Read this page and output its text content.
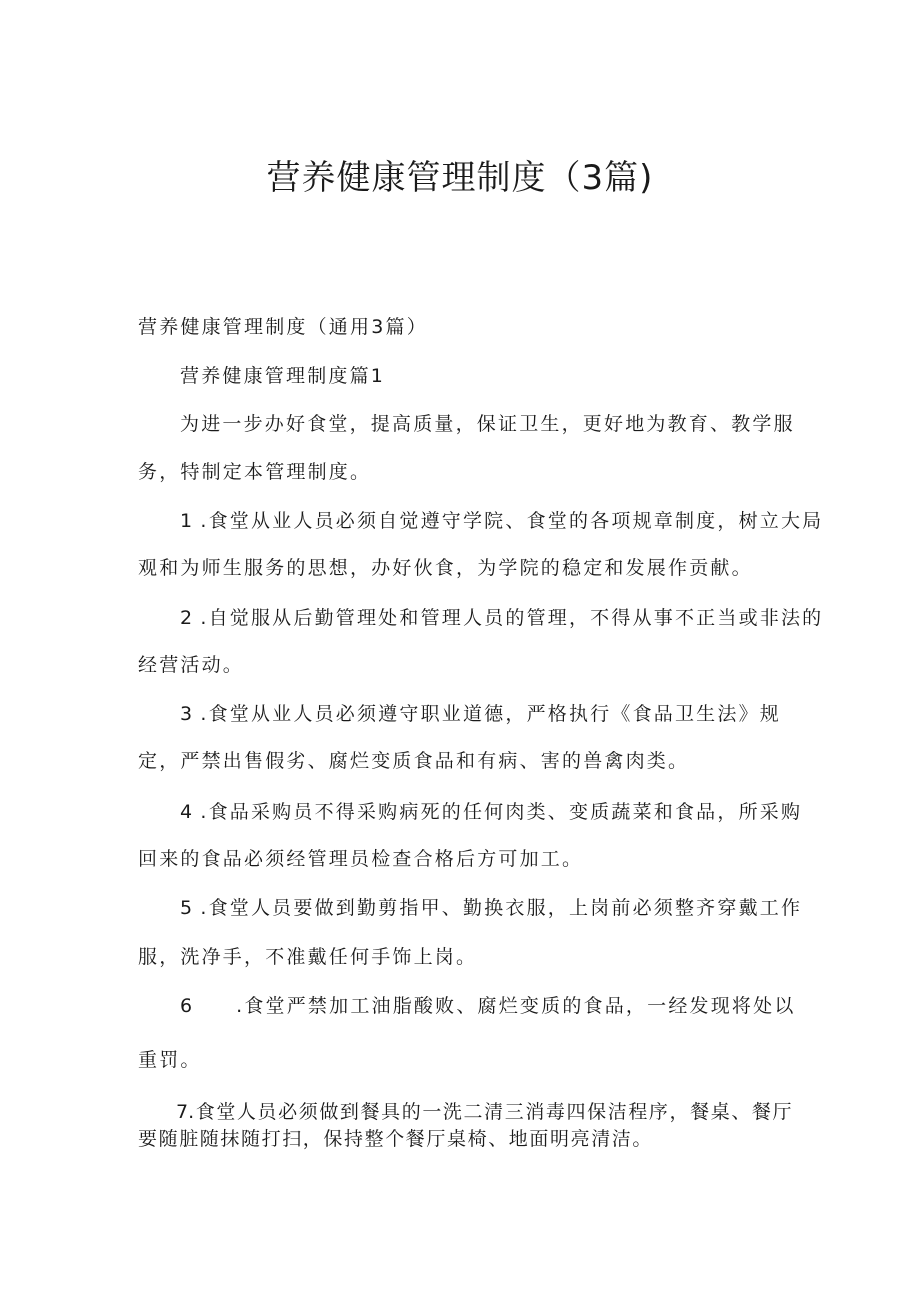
营养健康管理制度（3篇)
营养健康管理制度（通用3篇）
营养健康管理制度篇1
为进一步办好食堂，提高质量，保证卫生，更好地为教育、教学服
务，特制定本管理制度。
1 .食堂从业人员必须自觉遵守学院、食堂的各项规章制度，树立大局
观和为师生服务的思想，办好伙食，为学院的稳定和发展作贡献。
2 .自觉服从后勤管理处和管理人员的管理，不得从事不正当或非法的
经营活动。
3 .食堂从业人员必须遵守职业道德，严格执行《食品卫生法》规
定，严禁出售假劣、腐烂变质食品和有病、害的兽禽肉类。
4 .食品采购员不得采购病死的任何肉类、变质蔬菜和食品，所采购
回来的食品必须经管理员检查合格后方可加工。
5 .食堂人员要做到勤剪指甲、勤换衣服，上岗前必须整齐穿戴工作
服，洗净手，不准戴任何手饰上岗。
6 .食堂严禁加工油脂酸败、腐烂变质的食品，一经发现将处以
重罚。
7.食堂人员必须做到餐具的一洗二清三消毒四保洁程序，餐桌、餐厅
要随脏随抹随打扫，保持整个餐厅桌椅、地面明亮清洁。
